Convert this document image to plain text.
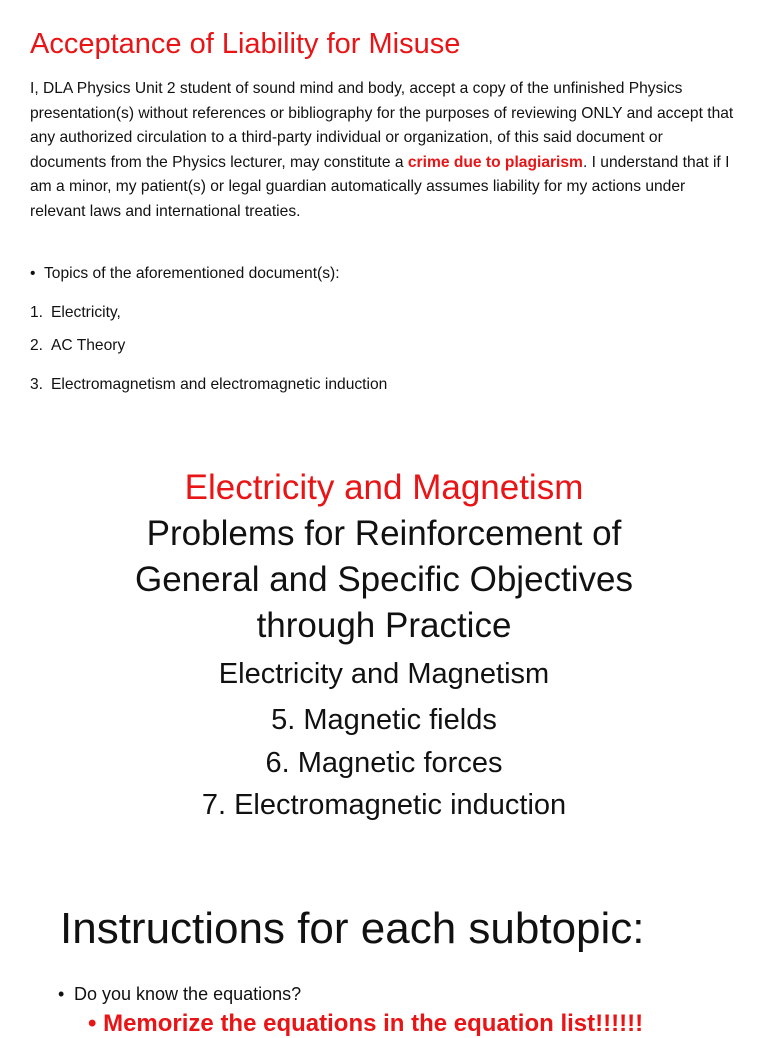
Acceptance of Liability for Misuse
I, DLA Physics Unit 2 student of sound mind and body, accept a copy of the unfinished Physics presentation(s) without references or bibliography for the purposes of reviewing ONLY and accept that any authorized circulation to a third-party individual or organization, of this said document or documents from the Physics lecturer, may constitute a crime due to plagiarism. I understand that if I am a minor, my patient(s) or legal guardian automatically assumes liability for my actions under relevant laws and international treaties.
• Topics of the aforementioned document(s):
1. Electricity,
2. AC Theory
3. Electromagnetism and electromagnetic induction
Electricity and Magnetism
Problems for Reinforcement of
General and Specific Objectives
through Practice
Electricity and Magnetism
5. Magnetic fields
6. Magnetic forces
7. Electromagnetic induction
Instructions for each subtopic:
• Do you know the equations?
• Memorize the equations in the equation list!!!!!!
